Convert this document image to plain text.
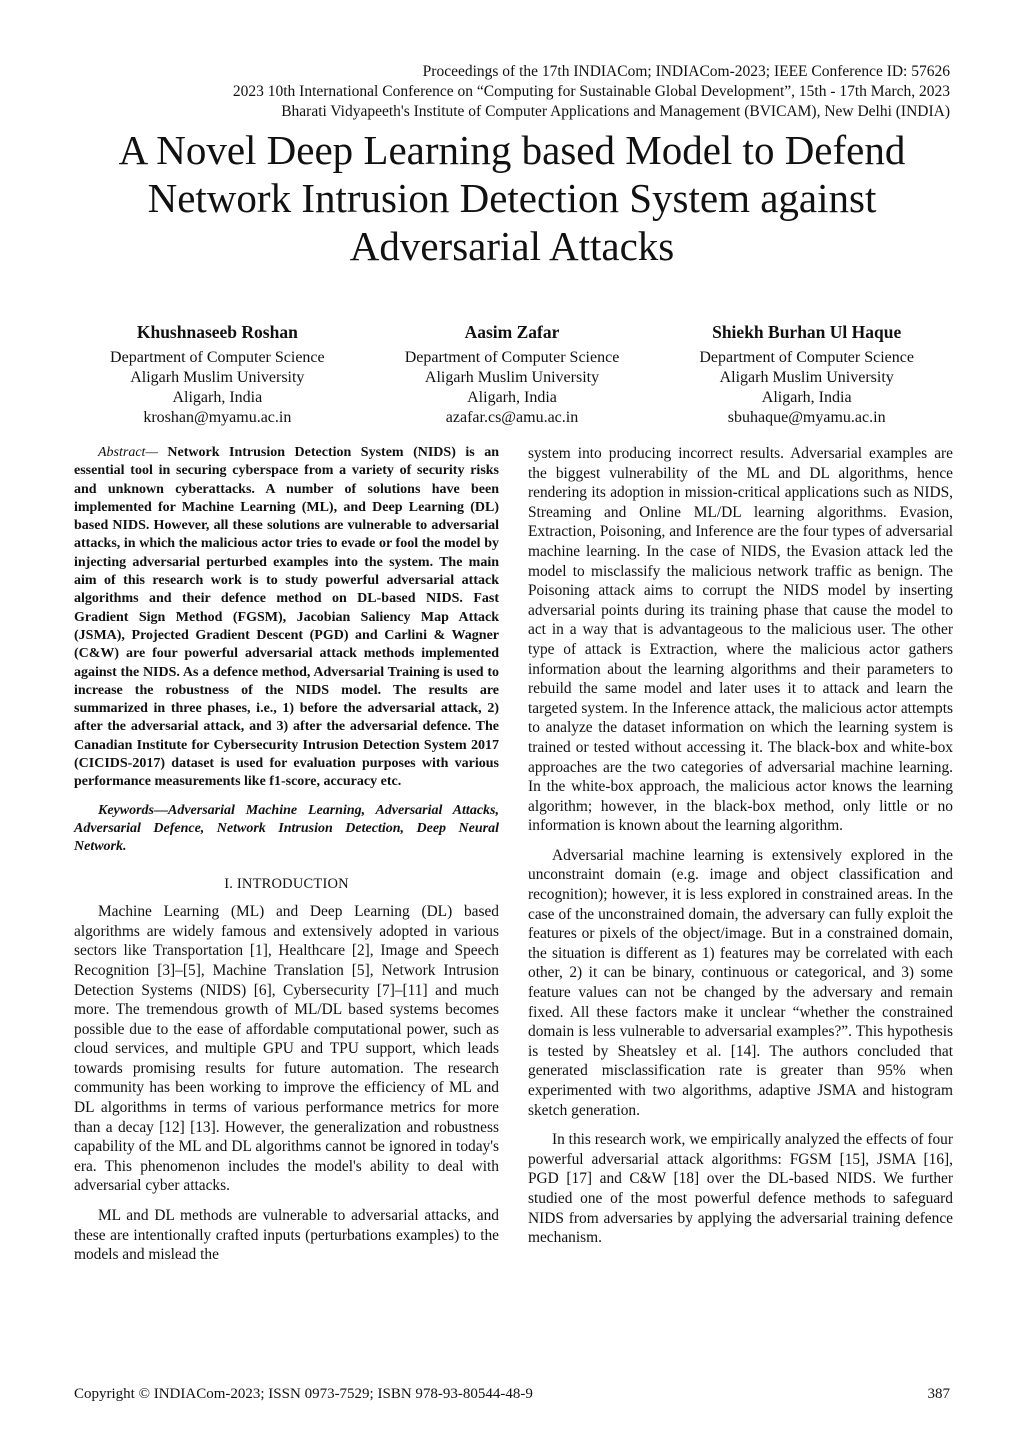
Proceedings of the 17th INDIACom; INDIACom-2023; IEEE Conference ID: 57626
2023 10th International Conference on “Computing for Sustainable Global Development”, 15th - 17th March, 2023
Bharati Vidyapeeth's Institute of Computer Applications and Management (BVICAM), New Delhi (INDIA)
A Novel Deep Learning based Model to Defend
Network Intrusion Detection System against
Adversarial Attacks
Khushnaseeb Roshan
Department of Computer Science
Aligarh Muslim University
Aligarh, India
kroshan@myamu.ac.in
Aasim Zafar
Department of Computer Science
Aligarh Muslim University
Aligarh, India
azafar.cs@amu.ac.in
Shiekh Burhan Ul Haque
Department of Computer Science
Aligarh Muslim University
Aligarh, India
sbuhaque@myamu.ac.in

Abstract— Network Intrusion Detection System (NIDS) is an essential tool in securing cyberspace from a variety of security risks and unknown cyberattacks. A number of solutions have been implemented for Machine Learning (ML), and Deep Learning (DL) based NIDS. However, all these solutions are vulnerable to adversarial attacks, in which the malicious actor tries to evade or fool the model by injecting adversarial perturbed examples into the system. The main aim of this research work is to study powerful adversarial attack algorithms and their defence method on DL-based NIDS. Fast Gradient Sign Method (FGSM), Jacobian Saliency Map Attack (JSMA), Projected Gradient Descent (PGD) and Carlini & Wagner (C&W) are four powerful adversarial attack methods implemented against the NIDS. As a defence method, Adversarial Training is used to increase the robustness of the NIDS model. The results are summarized in three phases, i.e., 1) before the adversarial attack, 2) after the adversarial attack, and 3) after the adversarial defence. The Canadian Institute for Cybersecurity Intrusion Detection System 2017 (CICIDS-2017) dataset is used for evaluation purposes with various performance measurements like f1-score, accuracy etc.

Keywords—Adversarial Machine Learning, Adversarial Attacks, Adversarial Defence, Network Intrusion Detection, Deep Neural Network.

I. INTRODUCTION

Machine Learning (ML) and Deep Learning (DL) based algorithms are widely famous and extensively adopted in various sectors like Transportation [1], Healthcare [2], Image and Speech Recognition [3]–[5], Machine Translation [5], Network Intrusion Detection Systems (NIDS) [6], Cybersecurity [7]–[11] and much more. The tremendous growth of ML/DL based systems becomes possible due to the ease of affordable computational power, such as cloud services, and multiple GPU and TPU support, which leads towards promising results for future automation. The research community has been working to improve the efficiency of ML and DL algorithms in terms of various performance metrics for more than a decay [12] [13]. However, the generalization and robustness capability of the ML and DL algorithms cannot be ignored in today's era. This phenomenon includes the model's ability to deal with adversarial cyber attacks.

ML and DL methods are vulnerable to adversarial attacks, and these are intentionally crafted inputs (perturbations examples) to the models and mislead the

system into producing incorrect results. Adversarial examples are the biggest vulnerability of the ML and DL algorithms, hence rendering its adoption in mission-critical applications such as NIDS, Streaming and Online ML/DL learning algorithms. Evasion, Extraction, Poisoning, and Inference are the four types of adversarial machine learning. In the case of NIDS, the Evasion attack led the model to misclassify the malicious network traffic as benign. The Poisoning attack aims to corrupt the NIDS model by inserting adversarial points during its training phase that cause the model to act in a way that is advantageous to the malicious user. The other type of attack is Extraction, where the malicious actor gathers information about the learning algorithms and their parameters to rebuild the same model and later uses it to attack and learn the targeted system. In the Inference attack, the malicious actor attempts to analyze the dataset information on which the learning system is trained or tested without accessing it. The black-box and white-box approaches are the two categories of adversarial machine learning. In the white-box approach, the malicious actor knows the learning algorithm; however, in the black-box method, only little or no information is known about the learning algorithm.

Adversarial machine learning is extensively explored in the unconstraint domain (e.g. image and object classification and recognition); however, it is less explored in constrained areas. In the case of the unconstrained domain, the adversary can fully exploit the features or pixels of the object/image. But in a constrained domain, the situation is different as 1) features may be correlated with each other, 2) it can be binary, continuous or categorical, and 3) some feature values can not be changed by the adversary and remain fixed. All these factors make it unclear “whether the constrained domain is less vulnerable to adversarial examples?”. This hypothesis is tested by Sheatsley et al. [14]. The authors concluded that generated misclassification rate is greater than 95% when experimented with two algorithms, adaptive JSMA and histogram sketch generation.

In this research work, we empirically analyzed the effects of four powerful adversarial attack algorithms: FGSM [15], JSMA [16], PGD [17] and C&W [18] over the DL-based NIDS. We further studied one of the most powerful defence methods to safeguard NIDS from adversaries by applying the adversarial training defence mechanism.

Copyright © INDIACom-2023; ISSN 0973-7529; ISBN 978-93-80544-48-9	387
